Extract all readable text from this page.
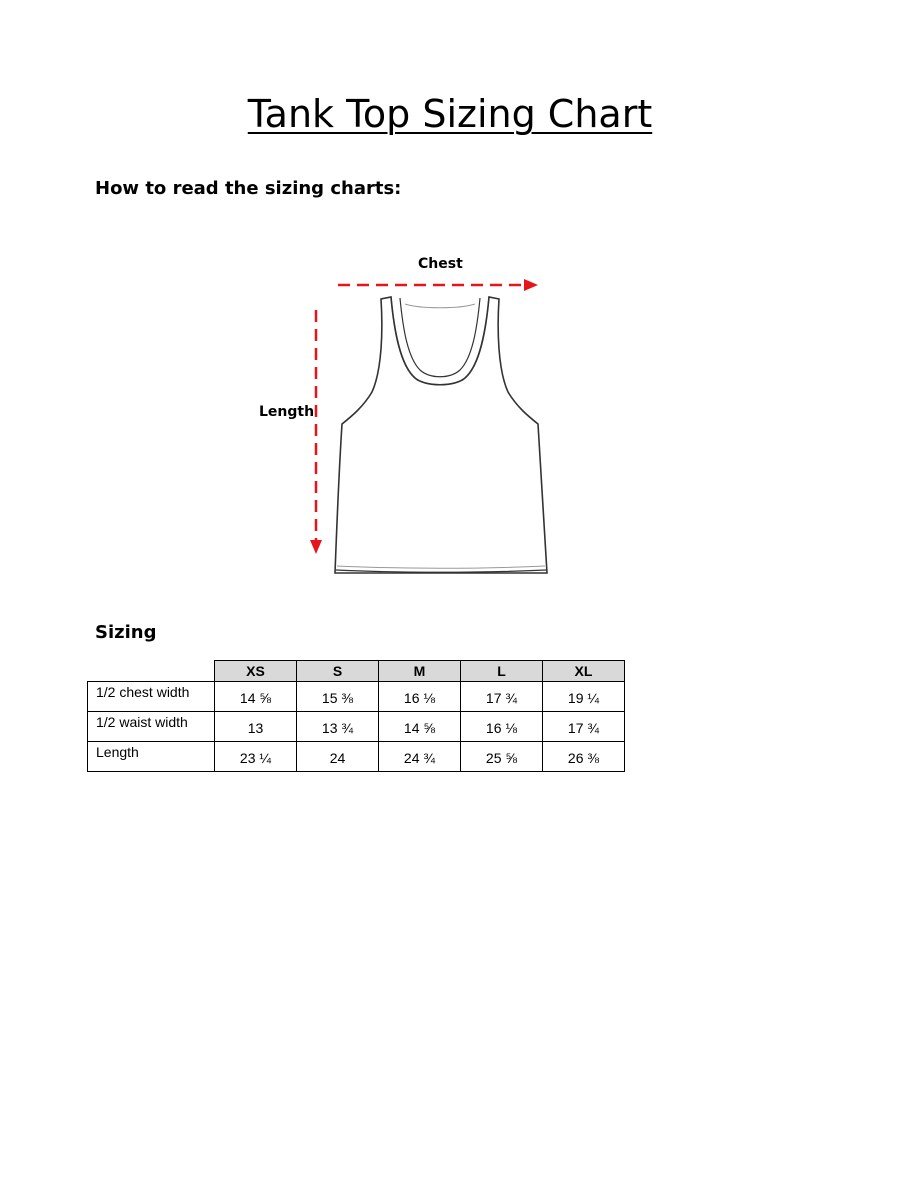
Tank Top Sizing Chart
How to read the sizing charts:
Chest
Length
Sizing
	XS	S	M	L	XL
1/2 chest width	14 ⅝	15 ⅜	16 ⅛	17 ¾	19 ¼
1/2 waist width	13	13 ¾	14 ⅝	16 ⅛	17 ¾
Length	23 ¼	24	24 ¾	25 ⅝	26 ⅜
